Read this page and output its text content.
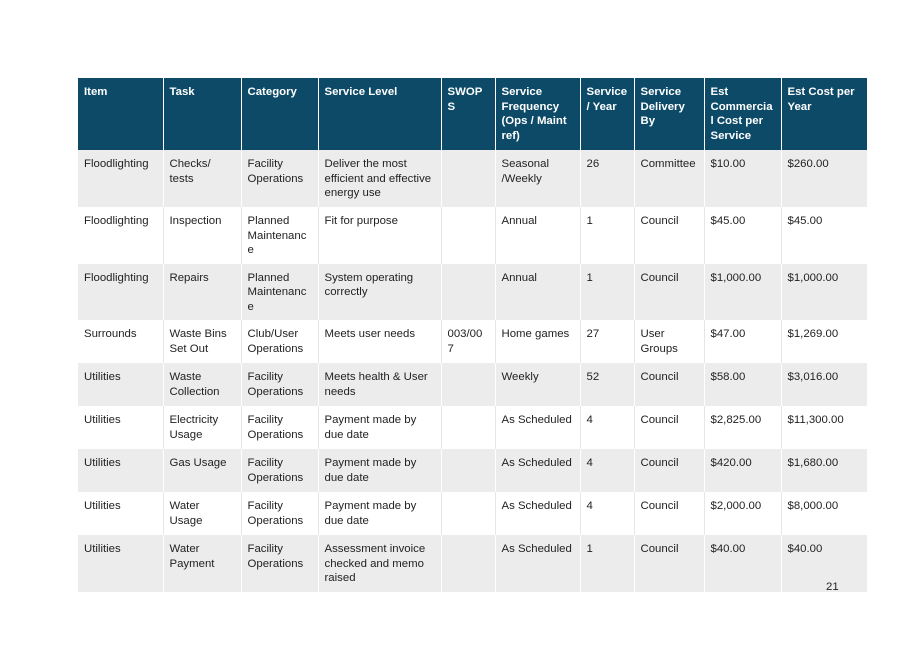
Item	Task	Category	Service Level	SWOPS	Service Frequency (Ops / Maint ref)	Service / Year	Service Delivery By	Est Commercial Cost per Service	Est Cost per Year
Floodlighting	Checks/ tests	Facility Operations	Deliver the most efficient and effective energy use		Seasonal /Weekly	26	Committee	$10.00	$260.00
Floodlighting	Inspection	Planned Maintenance	Fit for purpose		Annual	1	Council	$45.00	$45.00
Floodlighting	Repairs	Planned Maintenance	System operating correctly		Annual	1	Council	$1,000.00	$1,000.00
Surrounds	Waste Bins Set Out	Club/User Operations	Meets user needs	003/007	Home games	27	User Groups	$47.00	$1,269.00
Utilities	Waste Collection	Facility Operations	Meets health & User needs		Weekly	52	Council	$58.00	$3,016.00
Utilities	Electricity Usage	Facility Operations	Payment made by due date		As Scheduled	4	Council	$2,825.00	$11,300.00
Utilities	Gas Usage	Facility Operations	Payment made by due date		As Scheduled	4	Council	$420.00	$1,680.00
Utilities	Water Usage	Facility Operations	Payment made by due date		As Scheduled	4	Council	$2,000.00	$8,000.00
Utilities	Water Payment	Facility Operations	Assessment invoice checked and memo raised		As Scheduled	1	Council	$40.00	$40.00
21
